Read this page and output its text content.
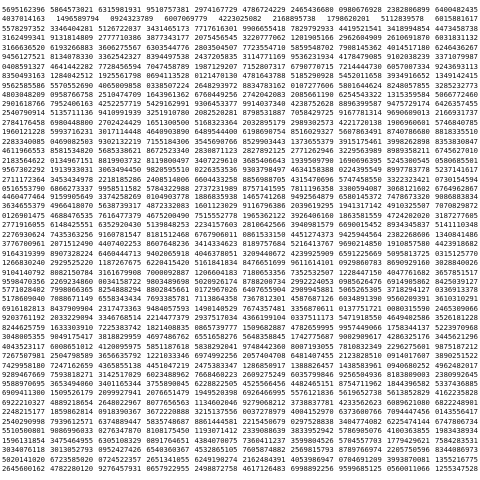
5695162396 5864573021 6315981931 9510757381 2974167729 4786724229 2465436680 0980676928 2382806899 6400482435
4037014163 1496589794 0924323789 6007069779 4223025082 2168895738 1798620201 5112839578 6015881617
5578297352 3346404281 5126722037 3431465173 7717616301 9906655418 7829792933 4419521541 3418994854 4473458738
3162499341 9131814809 2777710386 3877343177 2075456545 3220777062 1201905166 2962604909 2610691870 6031831132
3166636520 6193266883 3606275567 6303544776 2803504507 7723554710 5859548702 7908145362 4014517180 6246436267
9456127521 8134078330 3362542327 8394497538 2437205835 3114771169 9536231934 4178479085 9102038239 3371079987
0408591327 4641442282 7728456594 7047458789 1987129207 7152807317 6790770715 7214444730 6057007334 9243693113
8350493163 1284042512 1925561798 0694113528 0121470130 4781643788 5185290928 5452011658 3934916652 1349142415
9562585586 5570552690 4065009858 0338507224 2648293972 8834783162 0107277606 5801644624 8248057855 3285232773
4803048209 0958766758 2510474709 1643961362 6760449256 2742042083 2085661190 6254543322 1315359584 5066772460
2901618766 7952406163 4252257719 5429162991 9306453377 9914037340 4238752628 8896399587 9475729174 6426357455
2540790914 5135711136 9410991939 3251910780 2082520281 8798531887 7058429725 9167781314 9690609013 2166931737
2784176458 6980448800 2702424429 1651300500 5168323364 2032895179 2989302573 4221720138 1906960601 5746840785
1960121228 5993716231 3017114448 4640903890 6489544400 6198690754 8516029327 5607863491 8740786680 8818335510
2283340085 0469082503 9302132219 7155184306 3545690766 8529903443 1373655379 3915175461 3998262898 8353830847
4611966553 8581534820 5685338621 8672523340 2830871123 2827892125 2771262946 3229563989 8989358211 6745627010
2183564622 0134967151 8819903732 8119800497 3407229610 3685406643 1939509790 1690696395 5245300545 0580685501
9567302292 1913933031 3063494450 9820595510 0226353536 9303798497 4634158388 0224395549 8997783778 5237141617
2711172364 3453434978 2218185286 2408514006 6604433258 8856988705 4315470696 5747458550 3322323421 0730154594
0516553790 6866273337 9958511582 5784322988 2737231989 8757141595 7811196358 3300594087 3068121602 6764962867
4460477464 9159905649 3374258269 0104903778 1886835938 1465741268 9492564879 6580145372 7478673320 9086883834
3634655379 4966418070 5638739317 4872332083 1601123029 9116796386 2039619295 1941317142 4910325507 7070829872
0126901475 4688476535 7616477379 4675200490 7515552778 1965362122 3926406160 1863581559 4724202020 3187277605
2771916055 6148425551 6352920430 5139848253 2234157603 2810642566 3940981579 6690015452 8934345837 5141110348
2276930624 7435363256 9160781547 8181512468 6767906011 0861533150 4451274373 9425944564 2382268606 1340841486
3776700961 2071512490 4407402253 8607648236 3414334623 8189757684 5216413767 9690214850 1910857580 4423918682
9164319399 8907328224 6460444713 9402065918 4046378051 3209440672 4239925909 6591225669 5095813725 0315125770
1266830240 2929525220 1187267675 6220415420 5161841834 8476651699 9611614101 0929860783 8690929160 3028840026
9104140792 8082150784 3161679908 7000092887 1206604183 7180653356 7352532507 1228447150 4047761682 3657851517
9598470356 2269234860 0034158722 9803489698 5020926174 8788200734 2992224053 0985626476 6914905862 8425039127
5771028402 7998066365 8254888294 8802845661 0172967026 6407655904 2909945881 5065265305 3718294127 0336913378
5178609040 7088671149 6558343434 7693385781 7113864358 7367812301 4587687126 6034891390 9560209391 3610310291
6916182813 8437909904 2317473363 9484057593 1490140529 7674357481 3356870611 0137751721 0080315590 2465309066
9203761192 2033229094 3346768514 2214477379 2937517034 4366199104 0337511173 5471918550 4649402586 3526181228
8244625759 1633303910 7225383742 1821408835 0865739777 1509682887 4782659995 9957449066 1758344137 5223970968
3048005355 9049175417 3818829959 4697486762 6551658276 5648358845 1742775687 9002909617 4286325176 3445621296
4043523117 6008651012 4120095975 5851187618 5838292041 9748442360 8007193055 7810832349 2296275601 9875187212
7267507981 2504798589 3656635792 1221033346 6974992256 2057404708 6481407455 2123828510 0914017607 3890251522
7429958180 7247162659 4365855138 4451047219 2475383347 1286850917 1388826457 1438583961 0940680252 4962482017
9289467669 7593818271 3142517029 6023488962 7668460223 2609275249 6035799846 9256504936 8183809003 2380992645
9588970695 3653494060 3401165344 3755890045 6228822505 4525566456 4482465151 8754711962 1844396582 5337436885
6909411300 1509526179 2099927941 2076651479 1949520398 6926466995 5576121836 5619652738 5613852829 4162235828
6922210327 4889218654 2648022967 8077656563 1134602046 9279068212 3738837781 4233562623 6089621080 6822248901
2248215177 1859862814 0918390367 3672220888 3215137556 0037278979 4004152970 6373600766 7094447456 0143556417
2540290998 7939612571 6374889447 5835748687 8861444581 2215450679 0297528838 3404774082 6225474144 6747806734
5510500801 9086996033 0276347870 8108175450 1193071412 2339088639 3833952942 5786905076 4100363855 1983438934
1596131854 3475464955 6305108329 0891764651 4384070075 7360411237 3599804526 5704557703 1779429621 7584283531
3034076118 3013052793 0952427426 6540360367 4532865105 7605874882 2569815793 8789766974 2205750596 8344086973
5020141020 6723585020 0724522357 2651341055 6249190274 2162484391 4053986947 0704691209 3993870081 1355216775
2645600162 4782280120 9276457931 0657922955 2498872758 4617126483 6998892256 9599685125 0560011066 1255347528
